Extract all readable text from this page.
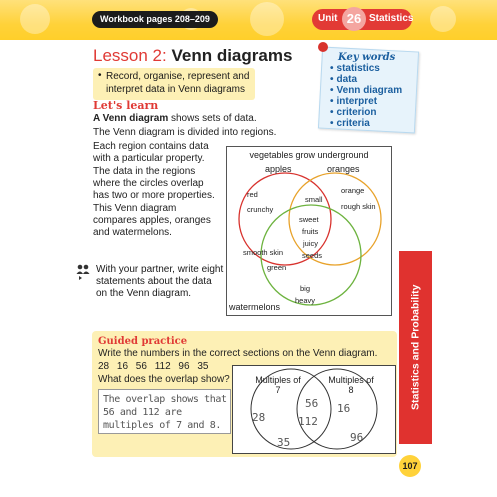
Workbook pages 208–209	Unit 26 Statistics
Lesson 2: Venn diagrams
• Record, organise, represent and interpret data in Venn diagrams
Key words
• statistics
• data
• Venn diagram
• interpret
• criterion
• criteria
Let's learn
A Venn diagram shows sets of data.
The Venn diagram is divided into regions.
Each region contains data with a particular property.
The data in the regions where the circles overlap has two or more properties.
This Venn diagram compares apples, oranges and watermelons.
With your partner, write eight statements about the data on the Venn diagram.
vegetables grow underground
apples	oranges
watermelons
red
crunchy
small
orange
rough skin
sweet
fruits
juicy
seeds
smooth skin
green
big
heavy
Guided practice
Write the numbers in the correct sections on the Venn diagram.
28 16 56 112 96 35
What does the overlap show?
The overlap shows that 56 and 112 are multiples of 7 and 8.
Multiples of 7
Multiples of 8
28
35
56
112
16
96
Statistics and Probability
107
